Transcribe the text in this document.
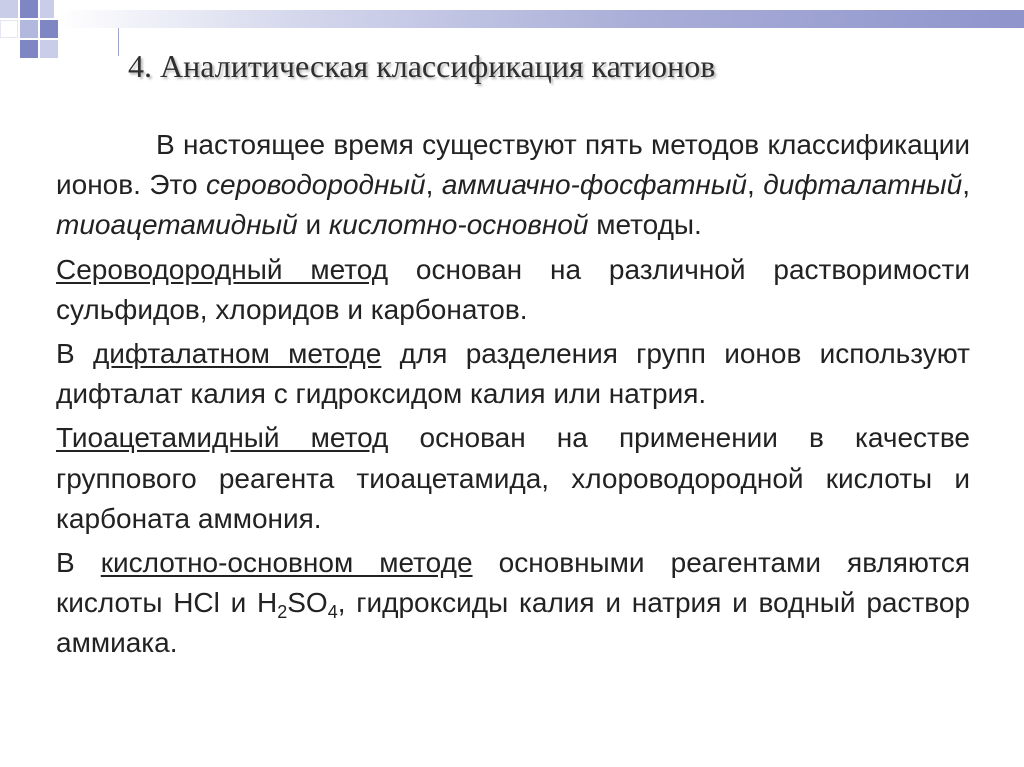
4. Аналитическая классификация катионов

В настоящее время существуют пять методов классификации ионов. Это сероводородный, аммиачно-фосфатный, дифталатный, тиоацетамидный и кислотно-основной методы.

Сероводородный метод основан на различной растворимости сульфидов, хлоридов и карбонатов.

В дифталатном методе для разделения групп ионов используют дифталат калия с гидроксидом калия или натрия.

Тиоацетамидный метод основан на применении в качестве группового реагента тиоацетамида, хлороводородной кислоты и карбоната аммония.

В кислотно-основном методе основными реагентами являются кислоты HCl и $H_2SO_4$, гидроксиды калия и натрия и водный раствор аммиака.
